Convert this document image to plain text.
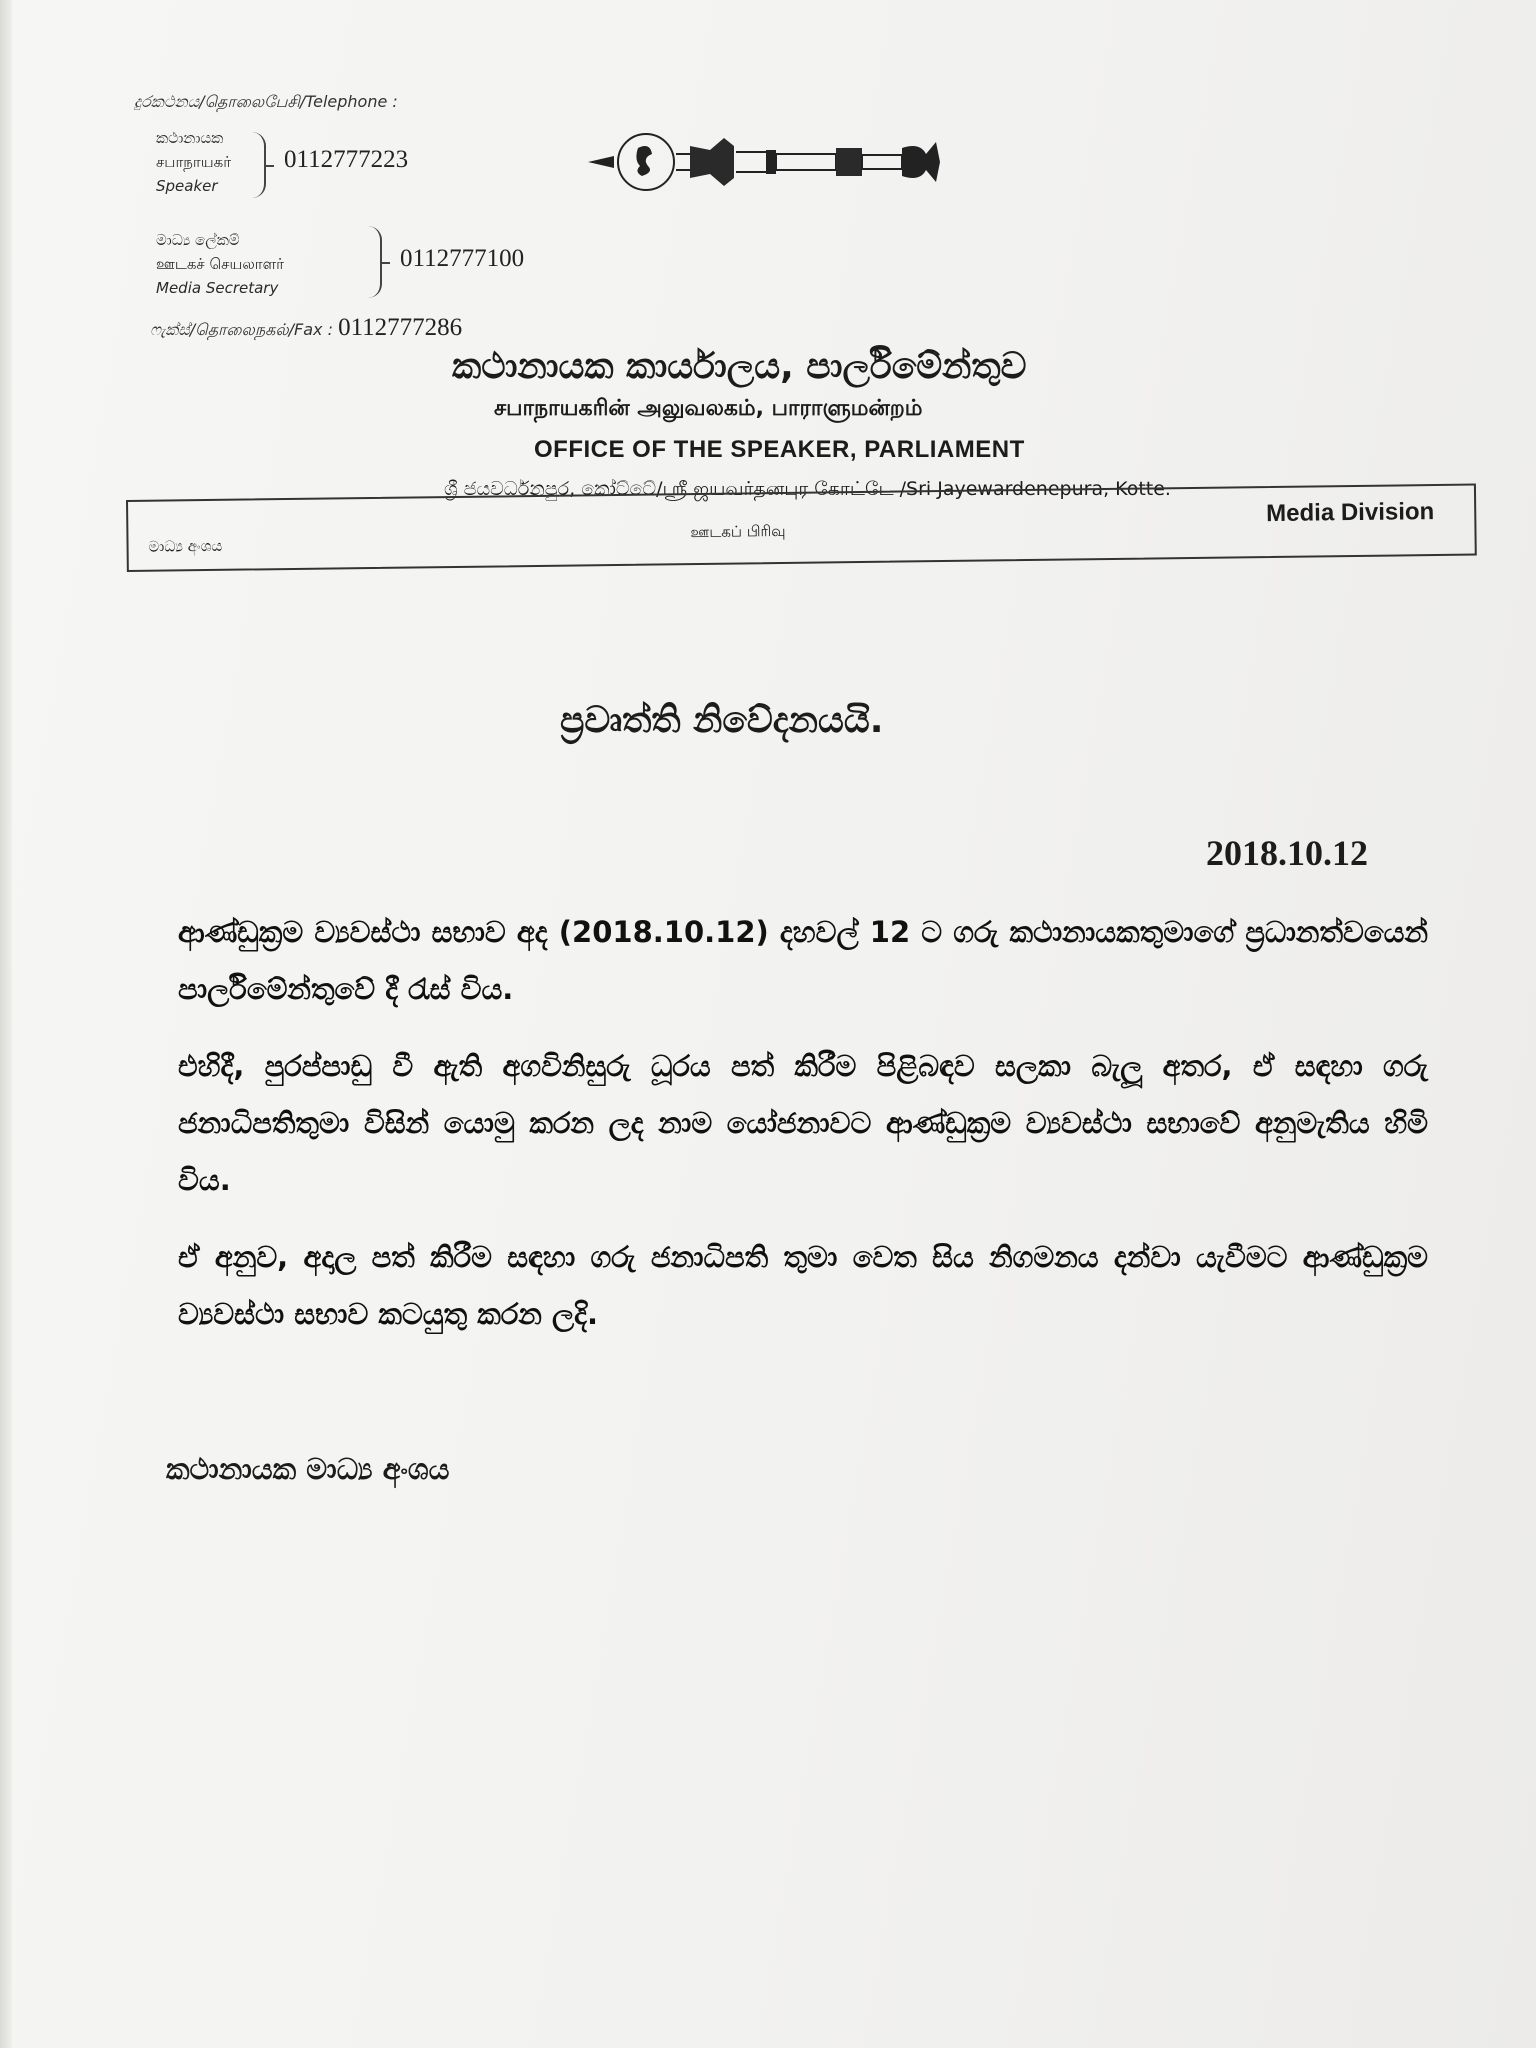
දුරකථනය/தொலைபேசி/Telephone :
කථානායක
சபாநாயகர்
Speaker
0112777223
මාධ්‍ය ලේකම්
ஊடகச் செயலாளர்
Media Secretary
0112777100
ෆැක්ස්/தொலைநகல்/Fax : 0112777286
කථානායක කාර්යාලය, පාර්ලිමේන්තුව
சபாநாயகரின் அலுவலகம், பாராளுமன்றம்
OFFICE OF THE SPEAKER, PARLIAMENT
ශ්‍රී ජයවර්ධනපුර, කෝට්ටේ/ஸ்ரீ ஜயவர்தனபுர கோட்டே /Sri Jayewardenepura, Kotte.
මාධ්‍ය අංශය
ஊடகப் பிரிவு
Media Division
ප්‍රවෘත්ති නිවේදනයයි.
2018.10.12

ආණ්ඩුක්‍රම ව්‍යවස්ථා සභාව අද (2018.10.12) දහවල් 12 ට ගරු කථානායකතුමාගේ ප්‍රධානත්වයෙන් පාර්ලිමේන්තුවේ දී රැස් විය.

එහිදී, පුරප්පාඩු වී ඇති අගවිනිසුරු ධූරය පත් කිරීම පිළිබඳව සලකා බැලූ අතර, ඒ සඳහා ගරු ජනාධිපතිතුමා විසින් යොමු කරන ලද නාම යෝජනාවට ආණ්ඩුක්‍රම ව්‍යවස්ථා සභාවේ අනුමැතිය හිමි විය.

ඒ අනුව, අදාල පත් කිරීම සඳහා ගරු ජනාධිපති තුමා වෙත සිය නිගමනය දන්වා යැවීමට ආණ්ඩුක්‍රම ව්‍යවස්ථා සභාව කටයුතු කරන ලදි.

කථානායක මාධ්‍ය අංශය
